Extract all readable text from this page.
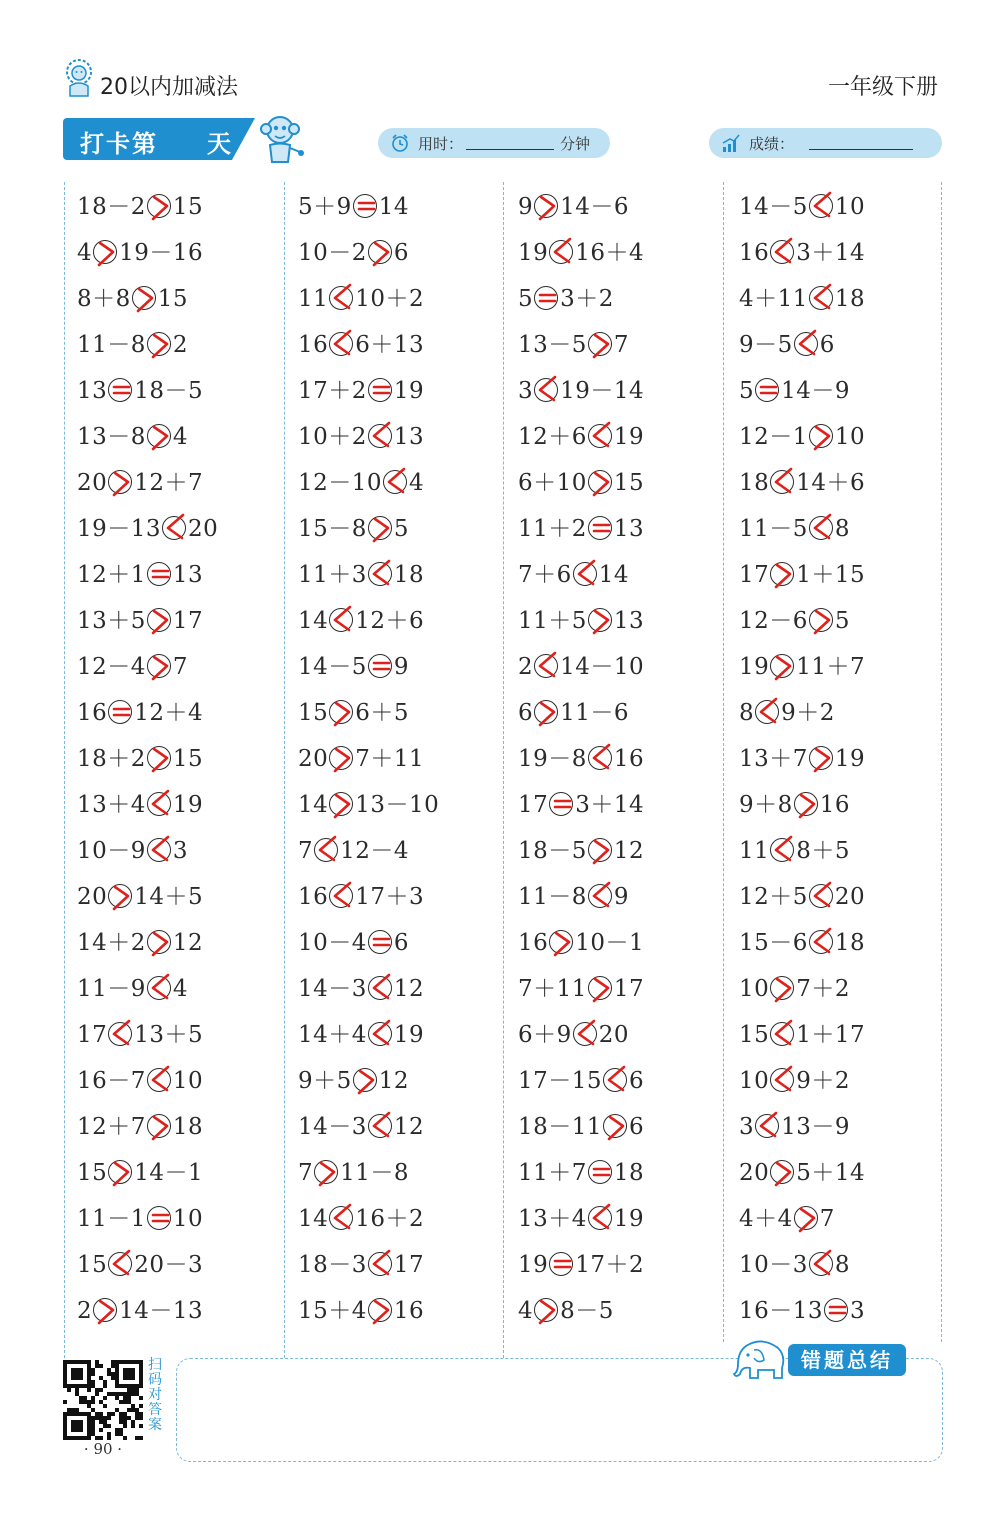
20以内加减法	一年级下册
打卡第 天	用时：	分钟	成绩：
18－2 15
4 19－16
8＋8 15
11－8 2
13 18－5
13－8 4
20 12＋7
19－13 20
12＋1 13
13＋5 17
12－4 7
16 12＋4
18＋2 15
13＋4 19
10－9 3
20 14＋5
14＋2 12
11－9 4
17 13＋5
16－7 10
12＋7 18
15 14－1
11－1 10
15 20－3
2 14－13
5＋9 14
10－2 6
11 10＋2
16 6＋13
17＋2 19
10＋2 13
12－10 4
15－8 5
11＋3 18
14 12＋6
14－5 9
15 6＋5
20 7＋11
14 13－10
7 12－4
16 17＋3
10－4 6
14－3 12
14＋4 19
9＋5 12
14－3 12
7 11－8
14 16＋2
18－3 17
15＋4 16
9 14－6
19 16＋4
5 3＋2
13－5 7
3 19－14
12＋6 19
6＋10 15
11＋2 13
7＋6 14
11＋5 13
2 14－10
6 11－6
19－8 16
17 3＋14
18－5 12
11－8 9
16 10－1
7＋11 17
6＋9 20
17－15 6
18－11 6
11＋7 18
13＋4 19
19 17＋2
4 8－5
14－5 10
16 3＋14
4＋11 18
9－5 6
5 14－9
12－1 10
18 14＋6
11－5 8
17 1＋15
12－6 5
19 11＋7
8 9＋2
13＋7 19
9＋8 16
11 8＋5
12＋5 20
15－6 18
10 7＋2
15 1＋17
10 9＋2
3 13－9
20 5＋14
4＋4 7
10－3 8
16－13 3
错题总结
扫码对答案
· 90 ·
